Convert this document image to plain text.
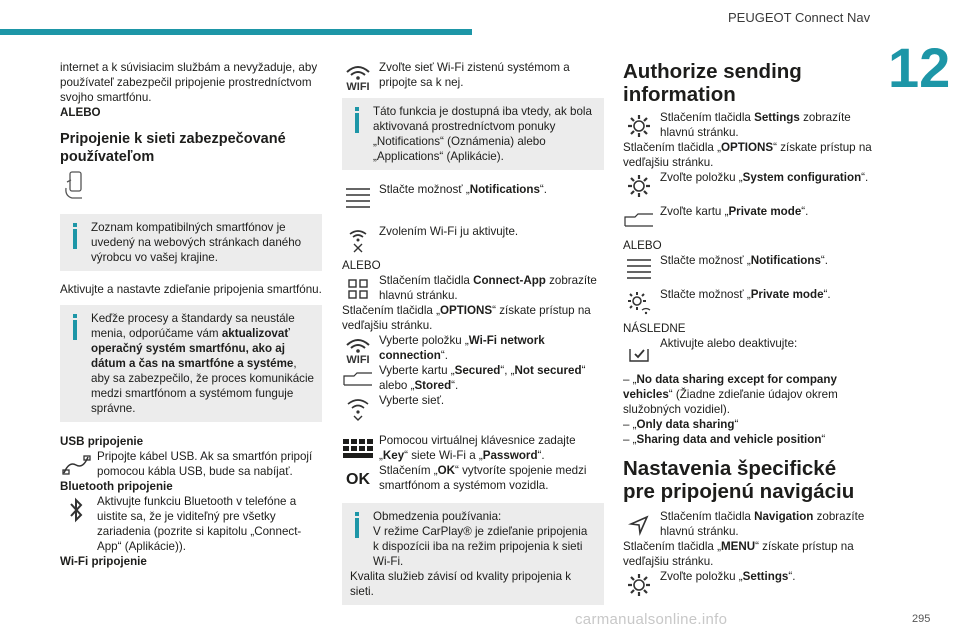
PEUGEOT Connect Nav
12
carmanualsonline.info	295

internet a k súvisiacim službám a nevyžaduje, aby používateľ zabezpečil pripojenie prostredníctvom svojho smartfónu.

ALEBO

Pripojenie k sieti zabezpečované používateľom

Zoznam kompatibilných smartfónov je uvedený na webových stránkach daného výrobcu vo vašej krajine.

Aktivujte a nastavte zdieľanie pripojenia smartfónu.

Keďže procesy a štandardy sa neustále menia, odporúčame vám aktualizovať operačný systém smartfónu, ako aj dátum a čas na smartfóne a systéme, aby sa zabezpečilo, že proces komunikácie medzi smartfónom a systémom funguje správne.

USB pripojenie

Pripojte kábel USB. Ak sa smartfón pripojí pomocou kábla USB, bude sa nabíjať.

Bluetooth pripojenie

Aktivujte funkciu Bluetooth v telefóne a uistite sa, že je viditeľný pre všetky zariadenia (pozrite si kapitolu „Connect-App“ (Aplikácie)).

Wi-Fi pripojenie

WIFI

Zvoľte sieť Wi-Fi zistenú systémom a pripojte sa k nej.

Táto funkcia je dostupná iba vtedy, ak bola aktivovaná prostredníctvom ponuky „Notifications“ (Oznámenia) alebo „Applications“ (Aplikácie).

Stlačte možnosť „Notifications“.

Zvolením Wi-Fi ju aktivujte.

ALEBO

Stlačením tlačidla Connect-App zobrazíte hlavnú stránku.

Stlačením tlačidla „OPTIONS“ získate prístup na vedľajšiu stránku.

WIFI

Vyberte položku „Wi-Fi network connection“.

Vyberte kartu „Secured“, „Not secured“ alebo „Stored“.

Vyberte sieť.

Pomocou virtuálnej klávesnice zadajte „Key“ siete Wi-Fi a „Password“.

OK Stlačením „OK“ vytvoríte spojenie medzi smartfónom a systémom vozidla.

Obmedzenia používania:

V režime CarPlay® je zdieľanie pripojenia k dispozícii iba na režim pripojenia k sieti Wi-Fi.

Kvalita služieb závisí od kvality pripojenia k sieti.

Authorize sending information

Stlačením tlačidla Settings zobrazíte hlavnú stránku.

Stlačením tlačidla „OPTIONS“ získate prístup na vedľajšiu stránku.

Zvoľte položku „System configuration“.

Zvoľte kartu „Private mode“.

ALEBO

Stlačte možnosť „Notifications“.

Stlačte možnosť „Private mode“.

NÁSLEDNE

Aktivujte alebo deaktivujte:

– „No data sharing except for company vehicles“ (Žiadne zdieľanie údajov okrem služobných vozidiel).

– „Only data sharing“

– „Sharing data and vehicle position“

Nastavenia špecifické pre pripojenú navigáciu

Stlačením tlačidla Navigation zobrazíte hlavnú stránku.

Stlačením tlačidla „MENU“ získate prístup na vedľajšiu stránku.

Zvoľte položku „Settings“.
